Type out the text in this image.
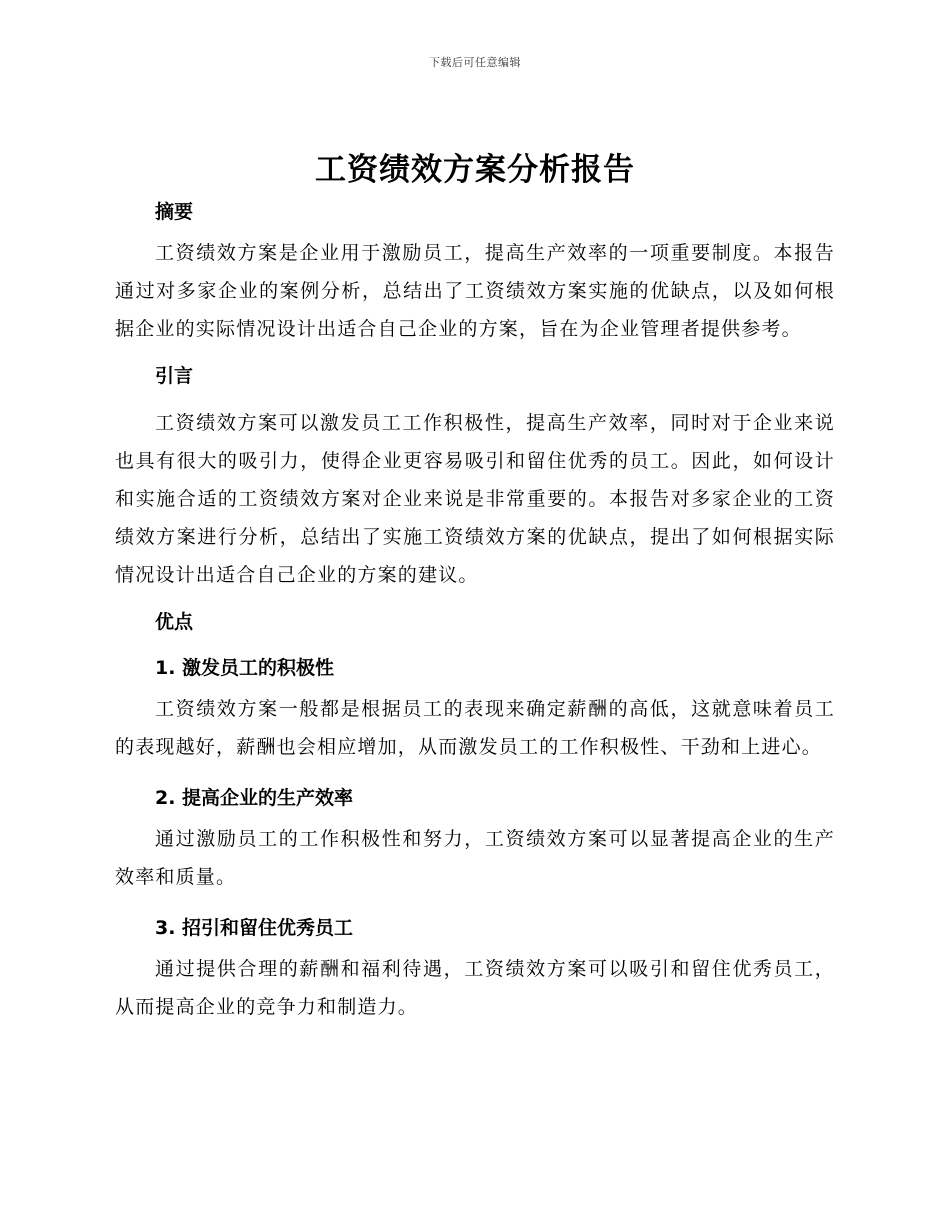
下载后可任意编辑
工资绩效方案分析报告
摘要

工资绩效方案是企业用于激励员工，提高生产效率的一项重要制度。本报告通过对多家企业的案例分析，总结出了工资绩效方案实施的优缺点，以及如何根据企业的实际情况设计出适合自己企业的方案，旨在为企业管理者提供参考。

引言

工资绩效方案可以激发员工工作积极性，提高生产效率，同时对于企业来说也具有很大的吸引力，使得企业更容易吸引和留住优秀的员工。因此，如何设计和实施合适的工资绩效方案对企业来说是非常重要的。本报告对多家企业的工资绩效方案进行分析，总结出了实施工资绩效方案的优缺点，提出了如何根据实际情况设计出适合自己企业的方案的建议。

优点
1. 激发员工的积极性

工资绩效方案一般都是根据员工的表现来确定薪酬的高低，这就意味着员工的表现越好，薪酬也会相应增加，从而激发员工的工作积极性、干劲和上进心。

2. 提高企业的生产效率

通过激励员工的工作积极性和努力，工资绩效方案可以显著提高企业的生产效率和质量。

3. 招引和留住优秀员工

通过提供合理的薪酬和福利待遇，工资绩效方案可以吸引和留住优秀员工，从而提高企业的竞争力和制造力。
